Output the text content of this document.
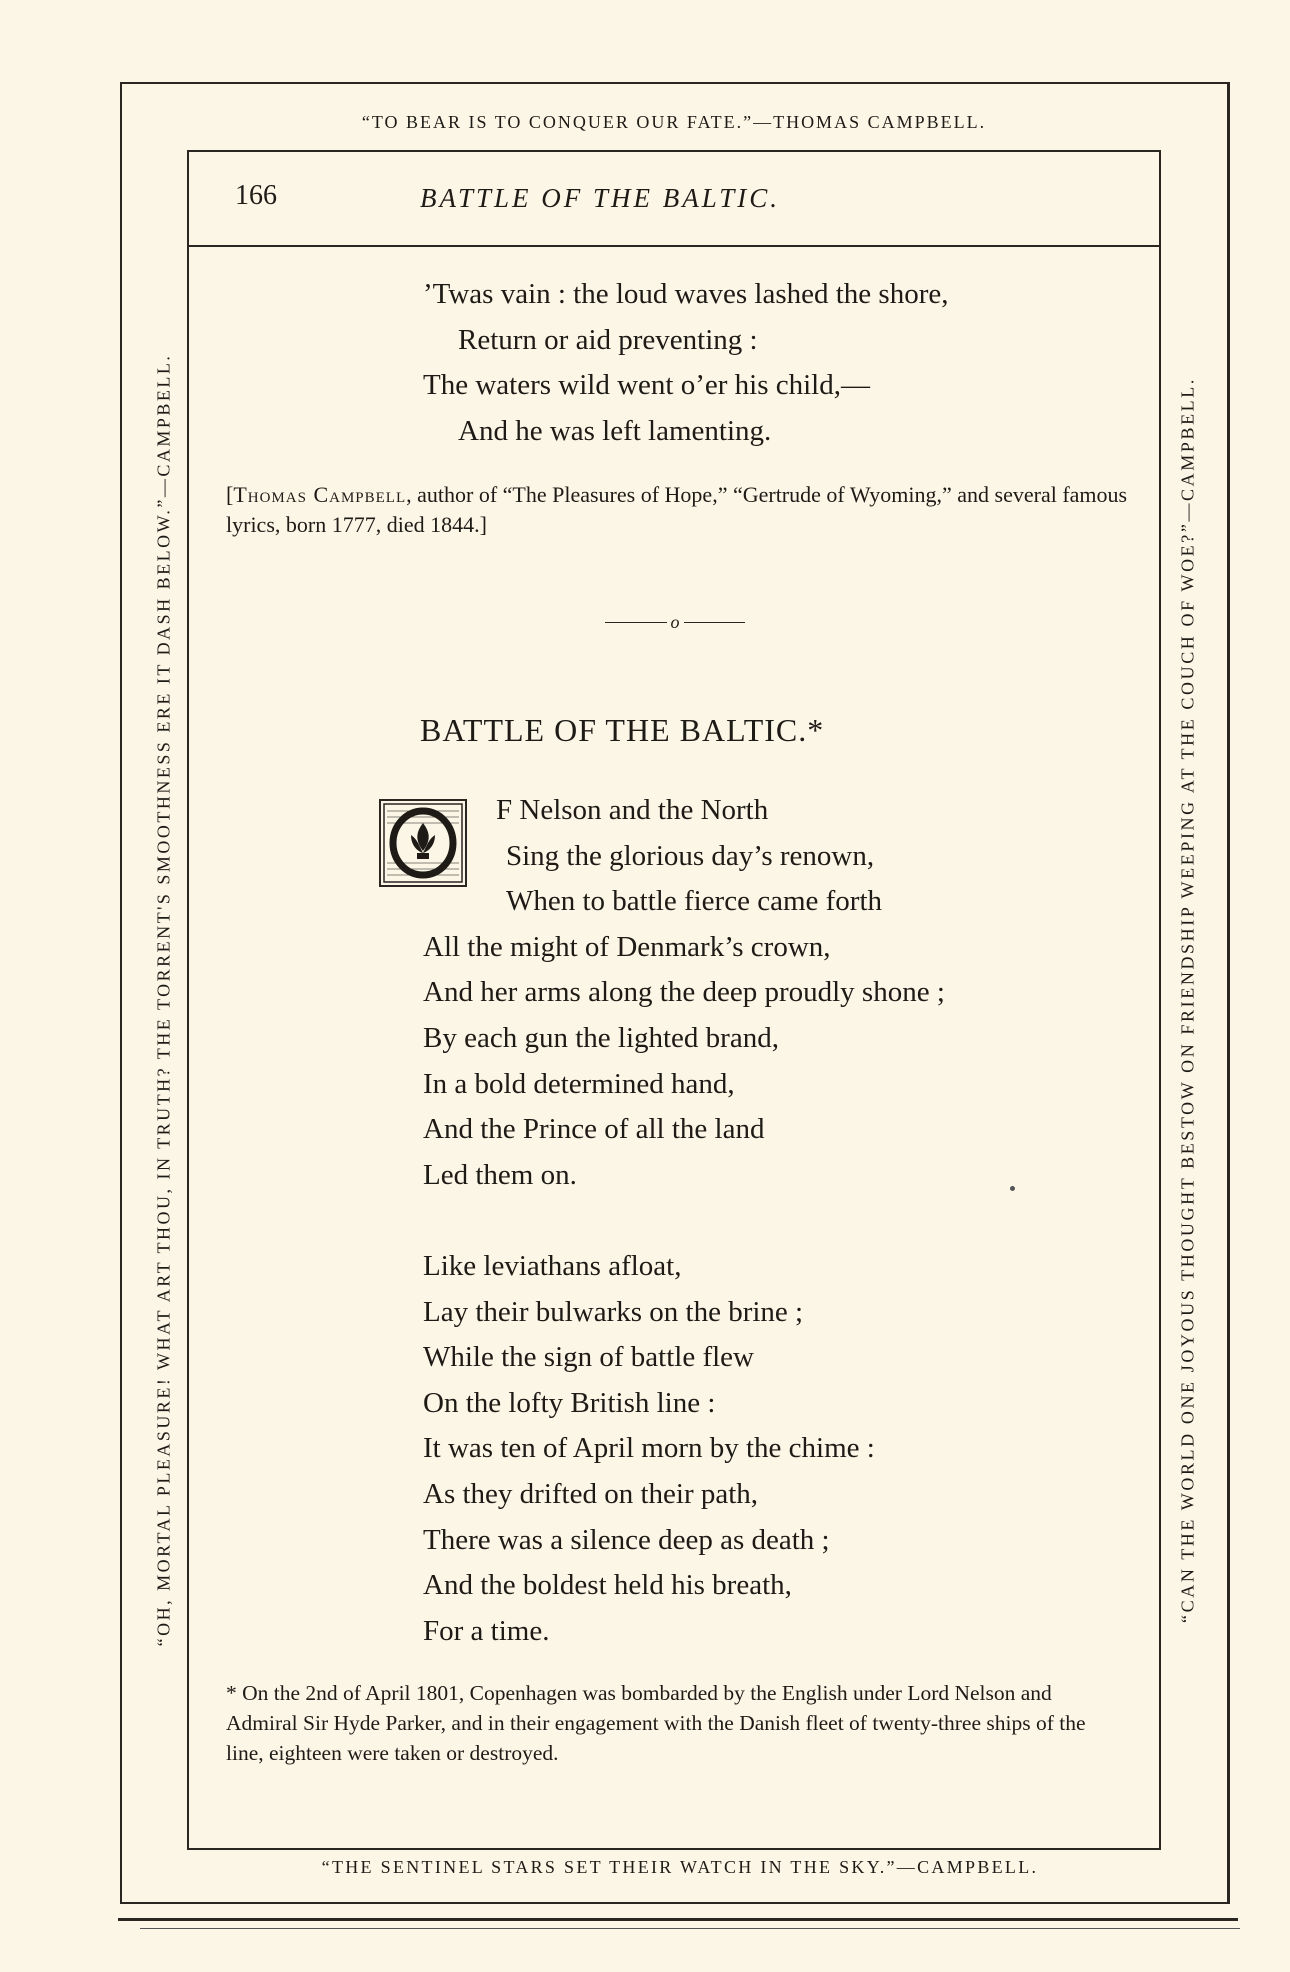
“TO BEAR IS TO CONQUER OUR FATE.”—THOMAS CAMPBELL.
“THE SENTINEL STARS SET THEIR WATCH IN THE SKY.”—CAMPBELL.
“OH, MORTAL PLEASURE! WHAT ART THOU, IN TRUTH? THE TORRENT'S SMOOTHNESS ERE IT DASH BELOW.”—CAMPBELL.	“CAN THE WORLD ONE JOYOUS THOUGHT BESTOW ON FRIENDSHIP WEEPING AT THE COUCH OF WOE?”—CAMPBELL.
166	BATTLE OF THE BALTIC.
’Twas vain : the loud waves lashed the shore,
Return or aid preventing :
The waters wild went o’er his child,—
And he was left lamenting.
[Thomas Campbell, author of “The Pleasures of Hope,” “Gertrude of Wyoming,” and several famous lyrics, born 1777, died 1844.]
o
BATTLE OF THE BALTIC.*
O	F Nelson and the North
Sing the glorious day’s renown,
When to battle fierce came forth
All the might of Denmark’s crown,
And her arms along the deep proudly shone ;
By each gun the lighted brand,
In a bold determined hand,
And the Prince of all the land
Led them on.
Like leviathans afloat,
Lay their bulwarks on the brine ;
While the sign of battle flew
On the lofty British line :
It was ten of April morn by the chime :
As they drifted on their path,
There was a silence deep as death ;
And the boldest held his breath,
For a time.
* On the 2nd of April 1801, Copenhagen was bombarded by the English under Lord Nelson and Admiral Sir Hyde Parker, and in their engagement with the Danish fleet of twenty-three ships of the line, eighteen were taken or destroyed.
